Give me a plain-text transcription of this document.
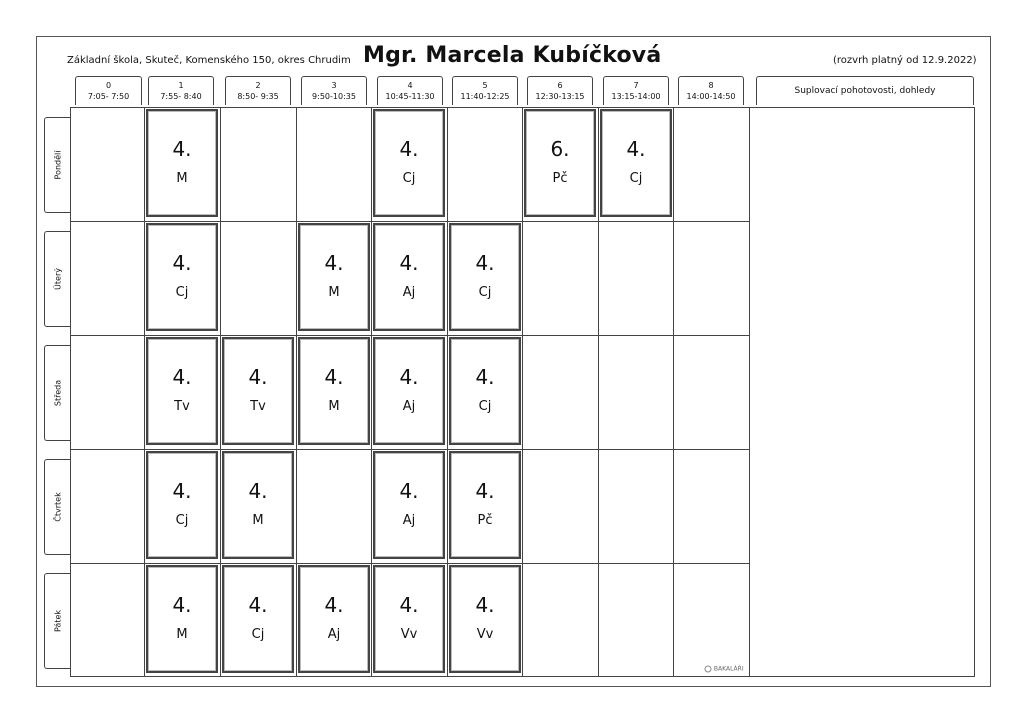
Základní škola, Skuteč, Komenského 150, okres Chrudim Mgr. Marcela Kubíčková	(rozvrh platný od 12.9.2022)
0
7:05- 7:50
1
7:55- 8:40
2
8:50- 9:35
3
9:50-10:35
4
10:45-11:30
5
11:40-12:25
6
12:30-13:15
7
13:15-14:00
8
14:00-14:50
Suplovací pohotovosti, dohledy
Pondělí
Úterý
Středa
Čtvrtek
Pátek
4.
M
4.
Cj
6.
Pč
4.
Cj
4.
Cj
4.
M
4.
Aj
4.
Cj
4.
Tv
4.
Tv
4.
M
4.
Aj
4.
Cj
4.
Cj
4.
M
4.
Aj
4.
Pč
4.
M
4.
Cj
4.
Aj
4.
Vv
4.
Vv
BAKALÁŘI
